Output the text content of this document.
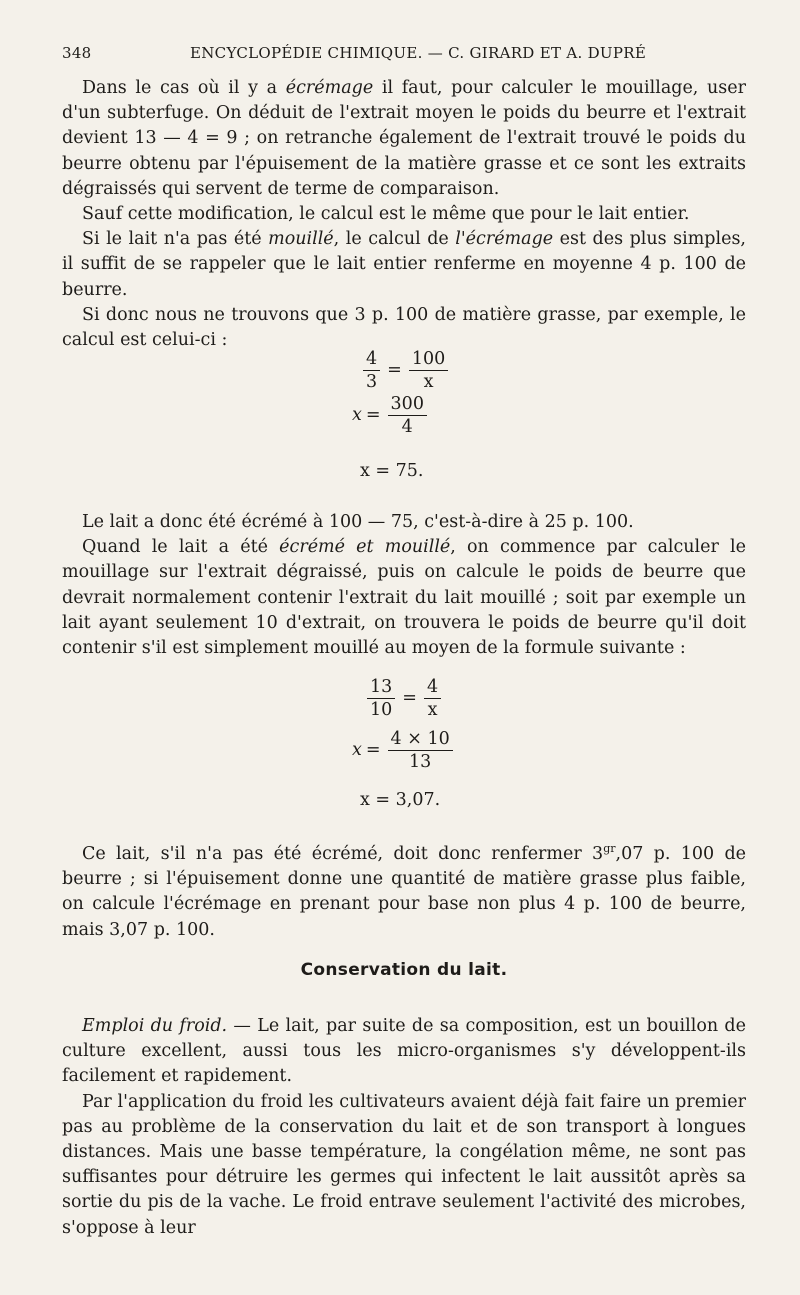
348	ENCYCLOPÉDIE CHIMIQUE. — C. GIRARD ET A. DUPRÉ

Dans le cas où il y a écrémage il faut, pour calculer le mouillage, user d'un subterfuge. On déduit de l'extrait moyen le poids du beurre et l'extrait devient 13 — 4 = 9 ; on retranche également de l'extrait trouvé le poids du beurre obtenu par l'épuisement de la matière grasse et ce sont les extraits dégraissés qui servent de terme de comparaison.

Sauf cette modification, le calcul est le même que pour le lait entier.

Si le lait n'a pas été mouillé, le calcul de l'écrémage est des plus simples, il suffit de se rappeler que le lait entier renferme en moyenne 4 p. 100 de beurre.

Si donc nous ne trouvons que 3 p. 100 de matière grasse, par exemple, le calcul est celui-ci :

$\frac{4}{3} = \frac{100}{x}$
$x = \frac{300}{4}$
x = 75.

Le lait a donc été écrémé à 100 — 75, c'est-à-dire à 25 p. 100.

Quand le lait a été écrémé et mouillé, on commence par calculer le mouillage sur l'extrait dégraissé, puis on calcule le poids de beurre que devrait normalement contenir l'extrait du lait mouillé ; soit par exemple un lait ayant seulement 10 d'extrait, on trouvera le poids de beurre qu'il doit contenir s'il est simplement mouillé au moyen de la formule suivante :

$\frac{13}{10} = \frac{4}{x}$
$x = \frac{4 \times 10}{13}$
x = 3,07.

Ce lait, s'il n'a pas été écrémé, doit donc renfermer $3^{gr},07$ p. 100 de beurre ; si l'épuisement donne une quantité de matière grasse plus faible, on calcule l'écrémage en prenant pour base non plus 4 p. 100 de beurre, mais 3,07 p. 100.

Conservation du lait.

Emploi du froid. — Le lait, par suite de sa composition, est un bouillon de culture excellent, aussi tous les micro-organismes s'y développent-ils facilement et rapidement.

Par l'application du froid les cultivateurs avaient déjà fait faire un premier pas au problème de la conservation du lait et de son transport à longues distances. Mais une basse température, la congélation même, ne sont pas suffisantes pour détruire les germes qui infectent le lait aussitôt après sa sortie du pis de la vache. Le froid entrave seulement l'activité des microbes, s'oppose à leur
